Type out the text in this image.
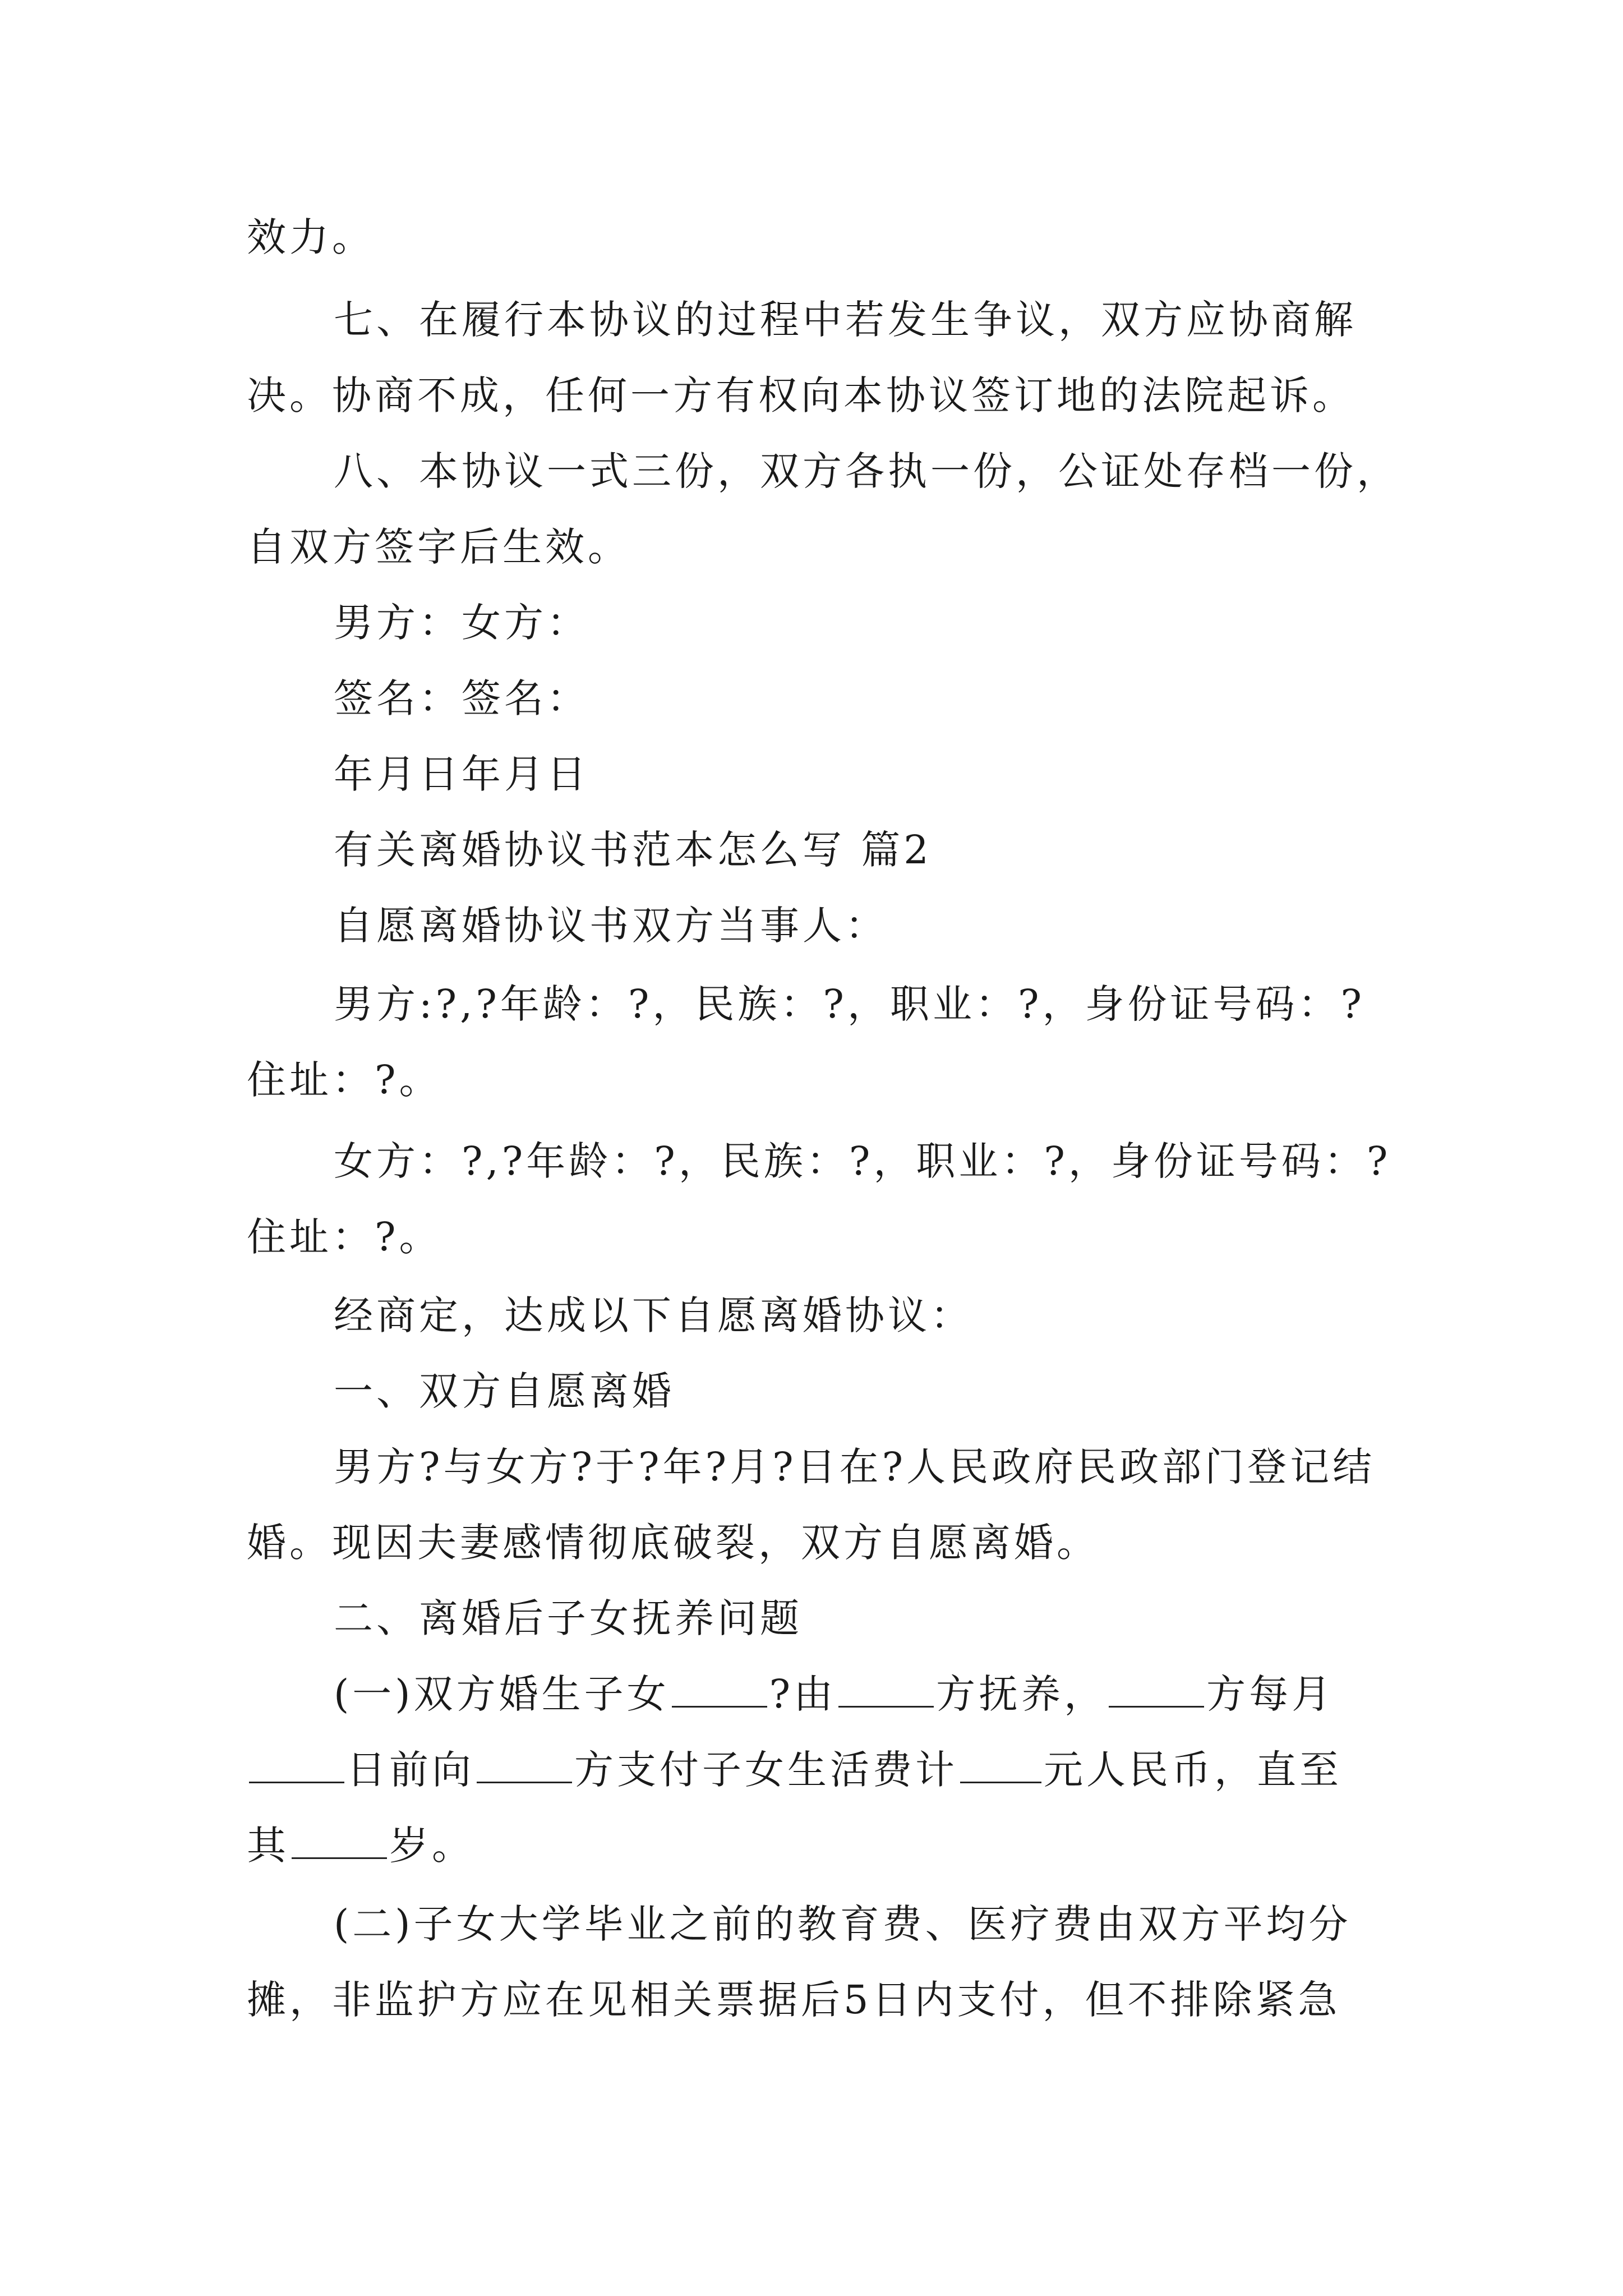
效力。
七、在履行本协议的过程中若发生争议，双方应协商解
决。协商不成，任何一方有权向本协议签订地的法院起诉。
八、本协议一式三份，双方各执一份，公证处存档一份，
自双方签字后生效。
男方：女方：
签名：签名：
年月日年月日
有关离婚协议书范本怎么写 篇2
自愿离婚协议书双方当事人：
男方:?,?年龄：?，民族：?，职业：?，身份证号码：?
住址：?。
女方：?,?年龄：?，民族：?，职业：?，身份证号码：?
住址：?。
经商定，达成以下自愿离婚协议：
一、双方自愿离婚
男方?与女方?于?年?月?日在?人民政府民政部门登记结
婚。现因夫妻感情彻底破裂，双方自愿离婚。
二、离婚后子女抚养问题
(一)双方婚生子女	?由	方抚养，	方每月
日前向	方支付子女生活费计 元人民币，直至
其	岁。
(二)子女大学毕业之前的教育费、医疗费由双方平均分
摊，非监护方应在见相关票据后5日内支付，但不排除紧急
